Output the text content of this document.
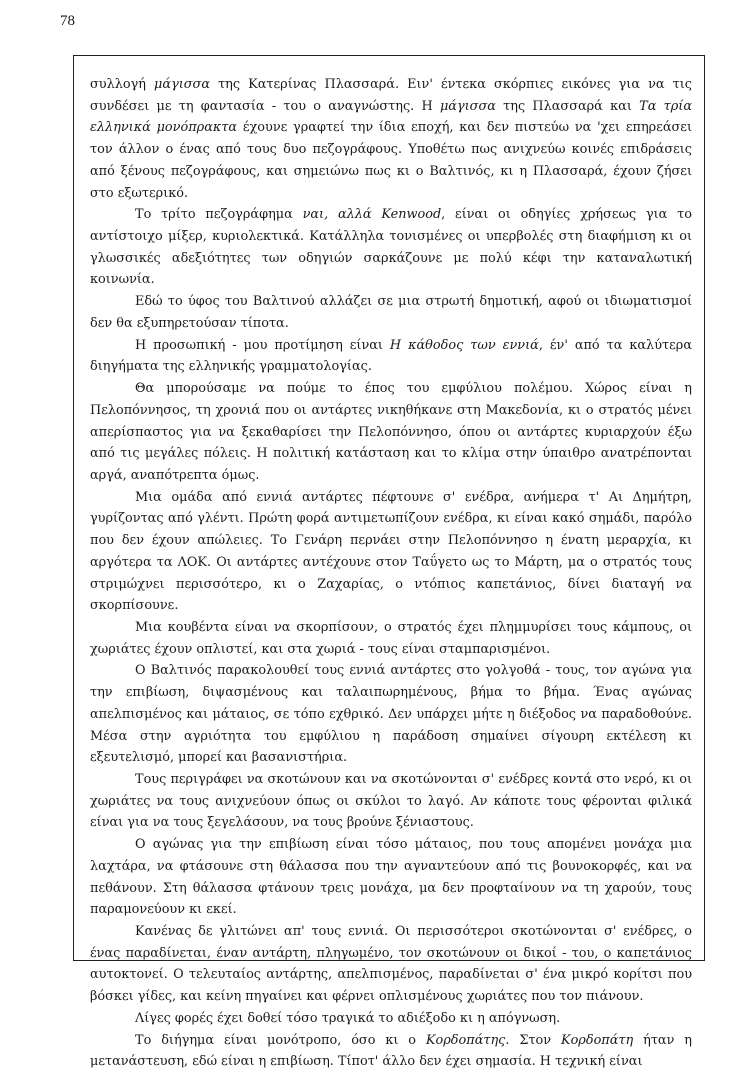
78

συλλογή μάγισσα της Κατερίνας Πλασσαρά. Ειν' έντεκα σκόρπιες εικόνες για να τις συνδέσει με τη φαντασία - του ο αναγνώστης. Η μάγισσα της Πλασσαρά και Τα τρία ελληνικά μονόπρακτα έχουνε γραφτεί την ίδια εποχή, και δεν πιστεύω να 'χει επηρεάσει τον άλλον ο ένας από τους δυο πεζογράφους. Υποθέτω πως ανιχνεύω κοινές επιδράσεις από ξένους πεζογράφους, και σημειώνω πως κι ο Βαλτινός, κι η Πλασσαρά, έχουν ζήσει στο εξωτερικό.

Το τρίτο πεζογράφημα ναι, αλλά Kenwood, είναι οι οδηγίες χρήσεως για το αντίστοιχο μίξερ, κυριολεκτικά. Κατάλληλα τονισμένες οι υπερβολές στη διαφήμιση κι οι γλωσσικές αδεξιότητες των οδηγιών σαρκάζουνε με πολύ κέφι την καταναλωτική κοινωνία.

Εδώ το ύφος του Βαλτινού αλλάζει σε μια στρωτή δημοτική, αφού οι ιδιωματισμοί δεν θα εξυπηρετούσαν τίποτα.

Η προσωπική - μου προτίμηση είναι Η κάθοδος των εννιά, έν' από τα καλύτερα διηγήματα της ελληνικής γραμματολογίας.

Θα μπορούσαμε να πούμε το έπος του εμφύλιου πολέμου. Χώρος είναι η Πελοπόννησος, τη χρονιά που οι αντάρτες νικηθήκανε στη Μακεδονία, κι ο στρατός μένει απερίσπαστος για να ξεκαθαρίσει την Πελοπόννησο, όπου οι αντάρτες κυριαρχούν έξω από τις μεγάλες πόλεις. Η πολιτική κατάσταση και το κλίμα στην ύπαιθρο ανατρέπονται αργά, αναπότρεπτα όμως.

Μια ομάδα από εννιά αντάρτες πέφτουνε σ' ενέδρα, ανήμερα τ' Αι Δημήτρη, γυρίζοντας από γλέντι. Πρώτη φορά αντιμετωπίζουν ενέδρα, κι είναι κακό σημάδι, παρόλο που δεν έχουν απώλειες. Το Γενάρη περνάει στην Πελοπόννησο η ένατη μεραρχία, κι αργότερα τα ΛΟΚ. Οι αντάρτες αντέχουνε στον Ταΰγετο ως το Μάρτη, μα ο στρατός τους στριμώχνει περισσότερο, κι ο Ζαχαρίας, ο ντόπιος καπετάνιος, δίνει διαταγή να σκορπίσουνε.

Μια κουβέντα είναι να σκορπίσουν, ο στρατός έχει πλημμυρίσει τους κάμπους, οι χωριάτες έχουν οπλιστεί, και στα χωριά - τους είναι σταμπαρισμένοι.

Ο Βαλτινός παρακολουθεί τους εννιά αντάρτες στο γολγοθά - τους, τον αγώνα για την επιβίωση, διψασμένους και ταλαιπωρημένους, βήμα το βήμα. Ένας αγώνας απελπισμένος και μάταιος, σε τόπο εχθρικό. Δεν υπάρχει μήτε η διέξοδος να παραδοθούνε. Μέσα στην αγριότητα του εμφύλιου η παράδοση σημαίνει σίγουρη εκτέλεση κι εξευτελισμό, μπορεί και βασανιστήρια.

Τους περιγράφει να σκοτώνουν και να σκοτώνονται σ' ενέδρες κοντά στο νερό, κι οι χωριάτες να τους ανιχνεύουν όπως οι σκύλοι το λαγό. Αν κάποτε τους φέρονται φιλικά είναι για να τους ξεγελάσουν, να τους βρούνε ξένιαστους.

Ο αγώνας για την επιβίωση είναι τόσο μάταιος, που τους απομένει μονάχα μια λαχτάρα, να φτάσουνε στη θάλασσα που την αγναντεύουν από τις βουνοκορφές, και να πεθάνουν. Στη θάλασσα φτάνουν τρεις μονάχα, μα δεν προφταίνουν να τη χαρούν, τους παραμονεύουν κι εκεί.

Κανένας δε γλιτώνει απ' τους εννιά. Οι περισσότεροι σκοτώνονται σ' ενέδρες, ο ένας παραδίνεται, έναν αντάρτη, πληγωμένο, τον σκοτώνουν οι δικοί - του, ο καπετάνιος αυτοκτονεί. Ο τελευταίος αντάρτης, απελπισμένος, παραδίνεται σ' ένα μικρό κορίτσι που βόσκει γίδες, και κείνη πηγαίνει και φέρνει οπλισμένους χωριάτες που τον πιάνουν.

Λίγες φορές έχει δοθεί τόσο τραγικά το αδιέξοδο κι η απόγνωση.

Το διήγημα είναι μονότροπο, όσο κι ο Κορδοπάτης. Στον Κορδοπάτη ήταν η μετανάστευση, εδώ είναι η επιβίωση. Τίποτ' άλλο δεν έχει σημασία. Η τεχνική είναι
